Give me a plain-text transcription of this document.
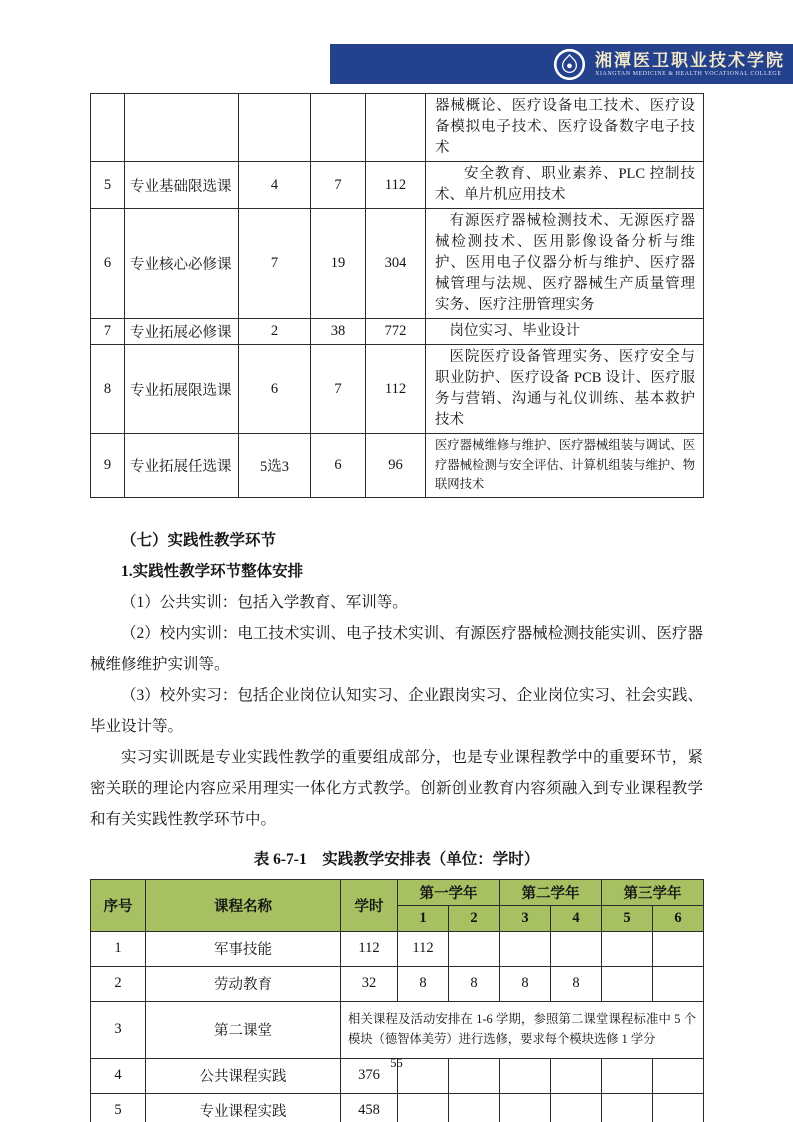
湘潭医卫职业技术学院
XIANGTAN MEDICINE & HEALTH VOCATIONAL COLLEGE
					器械概论、医疗设备电工技术、医疗设备模拟电子技术、医疗设备数字电子技术
5	专业基础限选课	4	7	112	安全教育、职业素养、PLC 控制技术、单片机应用技术
6	专业核心必修课	7	19	304	有源医疗器械检测技术、无源医疗器械检测技术、医用影像设备分析与维护、医用电子仪器分析与维护、医疗器械管理与法规、医疗器械生产质量管理实务、医疗注册管理实务
7	专业拓展必修课	2	38	772	岗位实习、毕业设计
8	专业拓展限选课	6	7	112	医院医疗设备管理实务、医疗安全与职业防护、医疗设备 PCB 设计、医疗服务与营销、沟通与礼仪训练、基本救护技术
9	专业拓展任选课	5选3	6	96	医疗器械维修与维护、医疗器械组装与调试、医疗器械检测与安全评估、计算机组装与维护、物联网技术
（七）实践性教学环节
1.实践性教学环节整体安排

（1）公共实训：包括入学教育、军训等。

（2）校内实训：电工技术实训、电子技术实训、有源医疗器械检测技能实训、医疗器械维修维护实训等。

（3）校外实习：包括企业岗位认知实习、企业跟岗实习、企业岗位实习、社会实践、毕业设计等。

实习实训既是专业实践性教学的重要组成部分，也是专业课程教学中的重要环节，紧密关联的理论内容应采用理实一体化方式教学。创新创业教育内容须融入到专业课程教学和有关实践性教学环节中。

表 6-7-1　实践教学安排表（单位：学时）
序号	课程名称	学时	第一学年		第二学年		第三学年	
			1	2	3	4	5	6
1	军事技能	112	112					
2	劳动教育	32	8	8	8	8		
3	第二课堂	相关课程及活动安排在 1-6 学期，参照第二课堂课程标准中 5 个模块（德智体美劳）进行选修，要求每个模块选修 1 学分						
4	公共课程实践	376						
5	专业课程实践	458						
55
